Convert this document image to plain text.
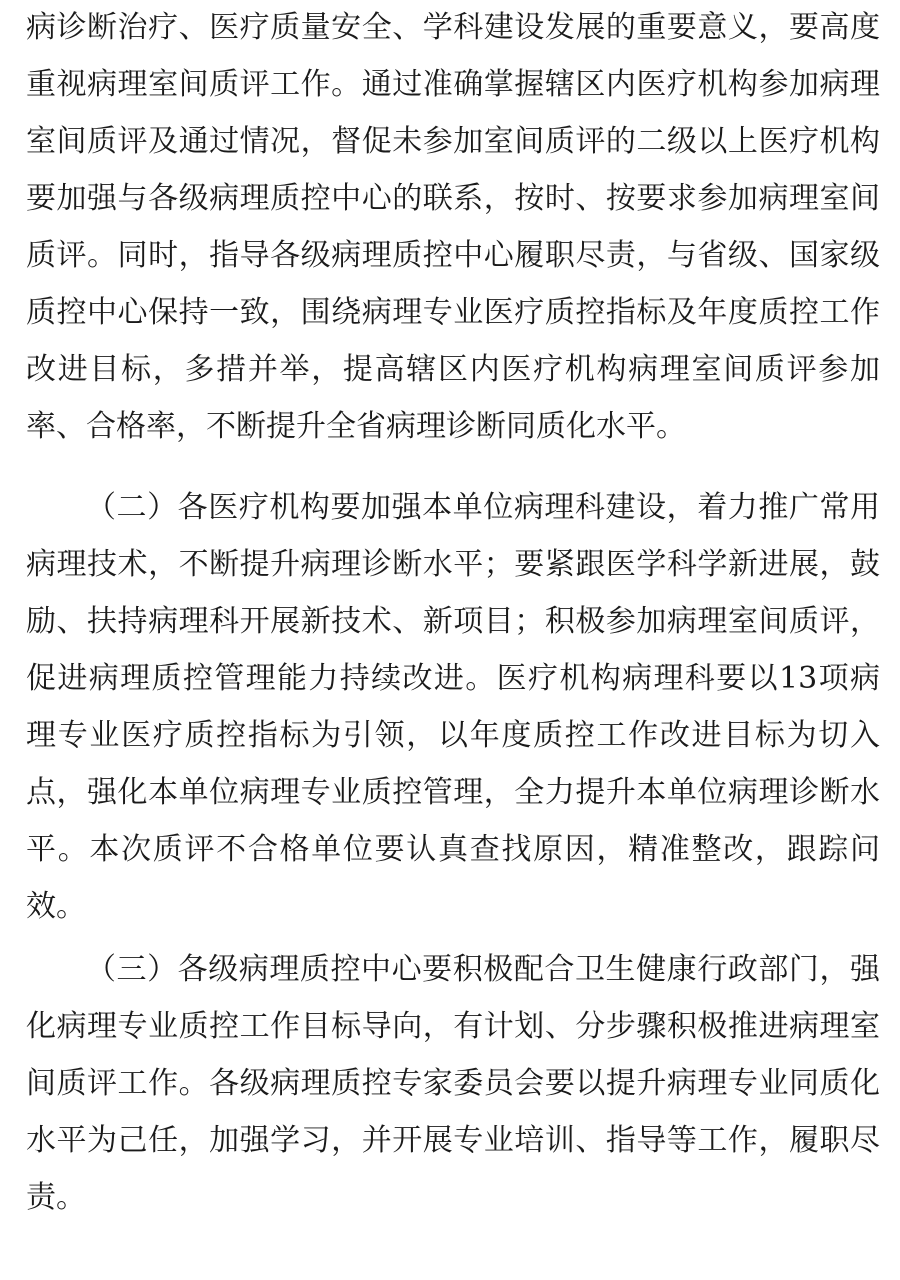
病诊断治疗、医疗质量安全、学科建设发展的重要意义，要高度
重视病理室间质评工作。通过准确掌握辖区内医疗机构参加病理
室间质评及通过情况，督促未参加室间质评的二级以上医疗机构
要加强与各级病理质控中心的联系，按时、按要求参加病理室间
质评。同时，指导各级病理质控中心履职尽责，与省级、国家级
质控中心保持一致，围绕病理专业医疗质控指标及年度质控工作
改进目标，多措并举，提高辖区内医疗机构病理室间质评参加
率、合格率，不断提升全省病理诊断同质化水平。
（二）各医疗机构要加强本单位病理科建设，着力推广常用
病理技术，不断提升病理诊断水平；要紧跟医学科学新进展，鼓
励、扶持病理科开展新技术、新项目；积极参加病理室间质评，
促进病理质控管理能力持续改进。医疗机构病理科要以13项病
理专业医疗质控指标为引领，以年度质控工作改进目标为切入
点，强化本单位病理专业质控管理，全力提升本单位病理诊断水
平。本次质评不合格单位要认真查找原因，精准整改，跟踪问
效。
（三）各级病理质控中心要积极配合卫生健康行政部门，强
化病理专业质控工作目标导向，有计划、分步骤积极推进病理室
间质评工作。各级病理质控专家委员会要以提升病理专业同质化
水平为己任，加强学习，并开展专业培训、指导等工作，履职尽
责。
